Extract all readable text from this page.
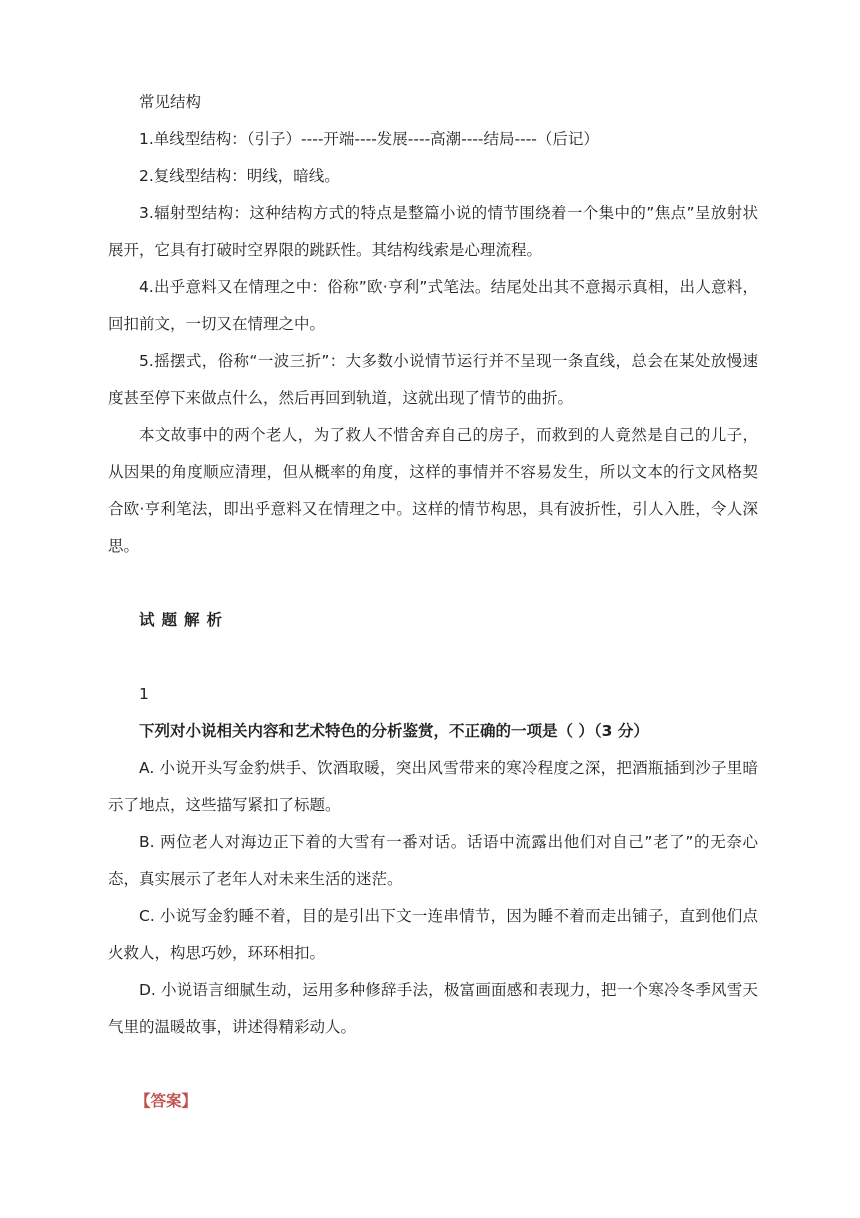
常见结构

1.单线型结构：（引子）----开端----发展----高潮----结局----（后记）

2.复线型结构：明线，暗线。

3.辐射型结构：这种结构方式的特点是整篇小说的情节围绕着一个集中的”焦点”呈放射状展开，它具有打破时空界限的跳跃性。其结构线索是心理流程。

4.出乎意料又在情理之中：俗称”欧·亨利”式笔法。结尾处出其不意揭示真相，出人意料，回扣前文，一切又在情理之中。

5.摇摆式，俗称“一波三折”：大多数小说情节运行并不呈现一条直线，总会在某处放慢速度甚至停下来做点什么，然后再回到轨道，这就出现了情节的曲折。

本文故事中的两个老人，为了救人不惜舍弃自己的房子，而救到的人竟然是自己的儿子，从因果的角度顺应清理，但从概率的角度，这样的事情并不容易发生，所以文本的行文风格契合欧·亨利笔法，即出乎意料又在情理之中。这样的情节构思，具有波折性，引人入胜，令人深思。

试题解析

1

下列对小说相关内容和艺术特色的分析鉴赏，不正确的一项是（ ）（3 分）

A. 小说开头写金豹烘手、饮酒取暖，突出风雪带来的寒冷程度之深，把酒瓶插到沙子里暗示了地点，这些描写紧扣了标题。

B. 两位老人对海边正下着的大雪有一番对话。话语中流露出他们对自己”老了”的无奈心态，真实展示了老年人对未来生活的迷茫。

C. 小说写金豹睡不着，目的是引出下文一连串情节，因为睡不着而走出铺子，直到他们点火救人，构思巧妙，环环相扣。

D. 小说语言细腻生动，运用多种修辞手法，极富画面感和表现力，把一个寒冷冬季风雪天气里的温暖故事，讲述得精彩动人。

【答案】
